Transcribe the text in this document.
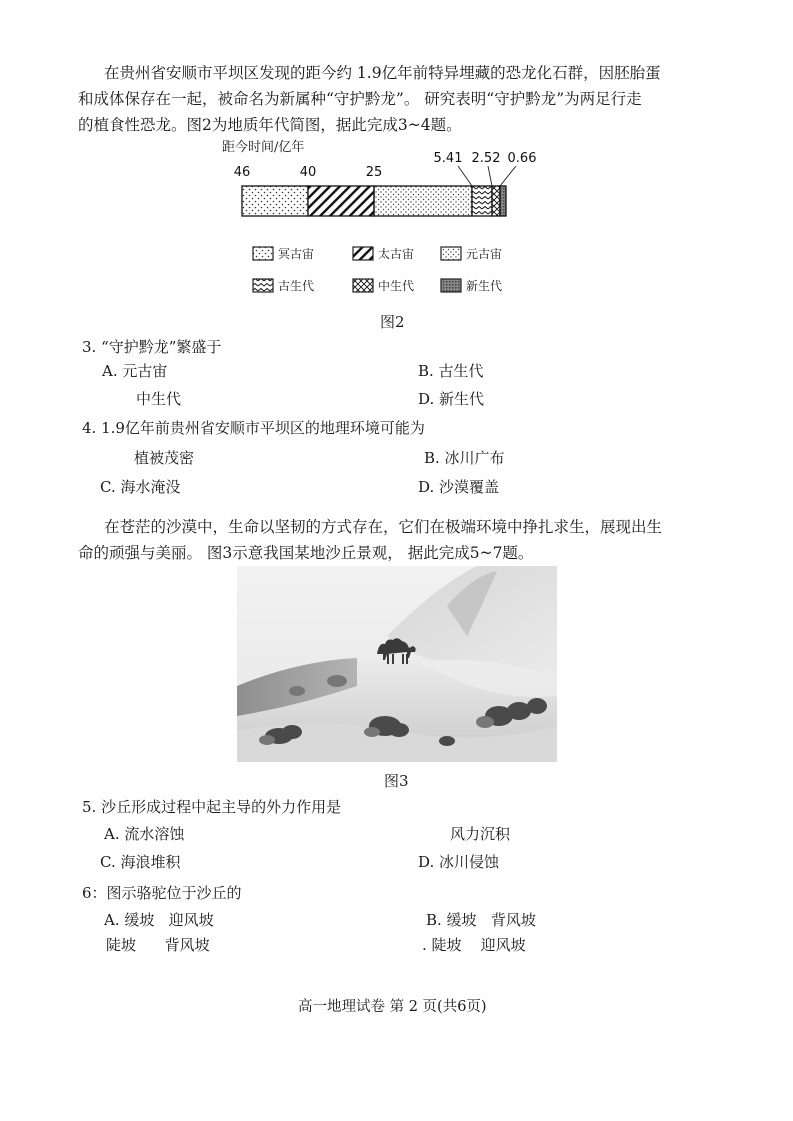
在贵州省安顺市平坝区发现的距今约 1.9亿年前特异埋藏的恐龙化石群，因胚胎蛋
和成体保存在一起，被命名为新属种“守护黔龙”。 研究表明“守护黔龙”为两足行走
的植食性恐龙。图2为地质年代简图，据此完成3~4题。
距今时间/亿年
46	40	25
5.41 2.52 0.66
冥古宙	太古宙	元古宙
古生代	中生代	新生代
图2
3. “守护黔龙”繁盛于
A. 元古宙	B. 古生代
中生代	D. 新生代
4. 1.9亿年前贵州省安顺市平坝区的地理环境可能为
植被茂密	B. 冰川广布
C. 海水淹没	D. 沙漠覆盖
在苍茫的沙漠中，生命以坚韧的方式存在，它们在极端环境中挣扎求生，展现出生
命的顽强与美丽。 图3示意我国某地沙丘景观， 据此完成5~7题。
图3
5. 沙丘形成过程中起主导的外力作用是
A. 流水溶蚀	风力沉积
C. 海浪堆积	D. 冰川侵蚀
6：图示骆驼位于沙丘的
A. 缓坡   迎风坡	B. 缓坡   背风坡
陡坡      背风坡	. 陡坡    迎风坡
高一地理试卷 第 2 页(共6页)
